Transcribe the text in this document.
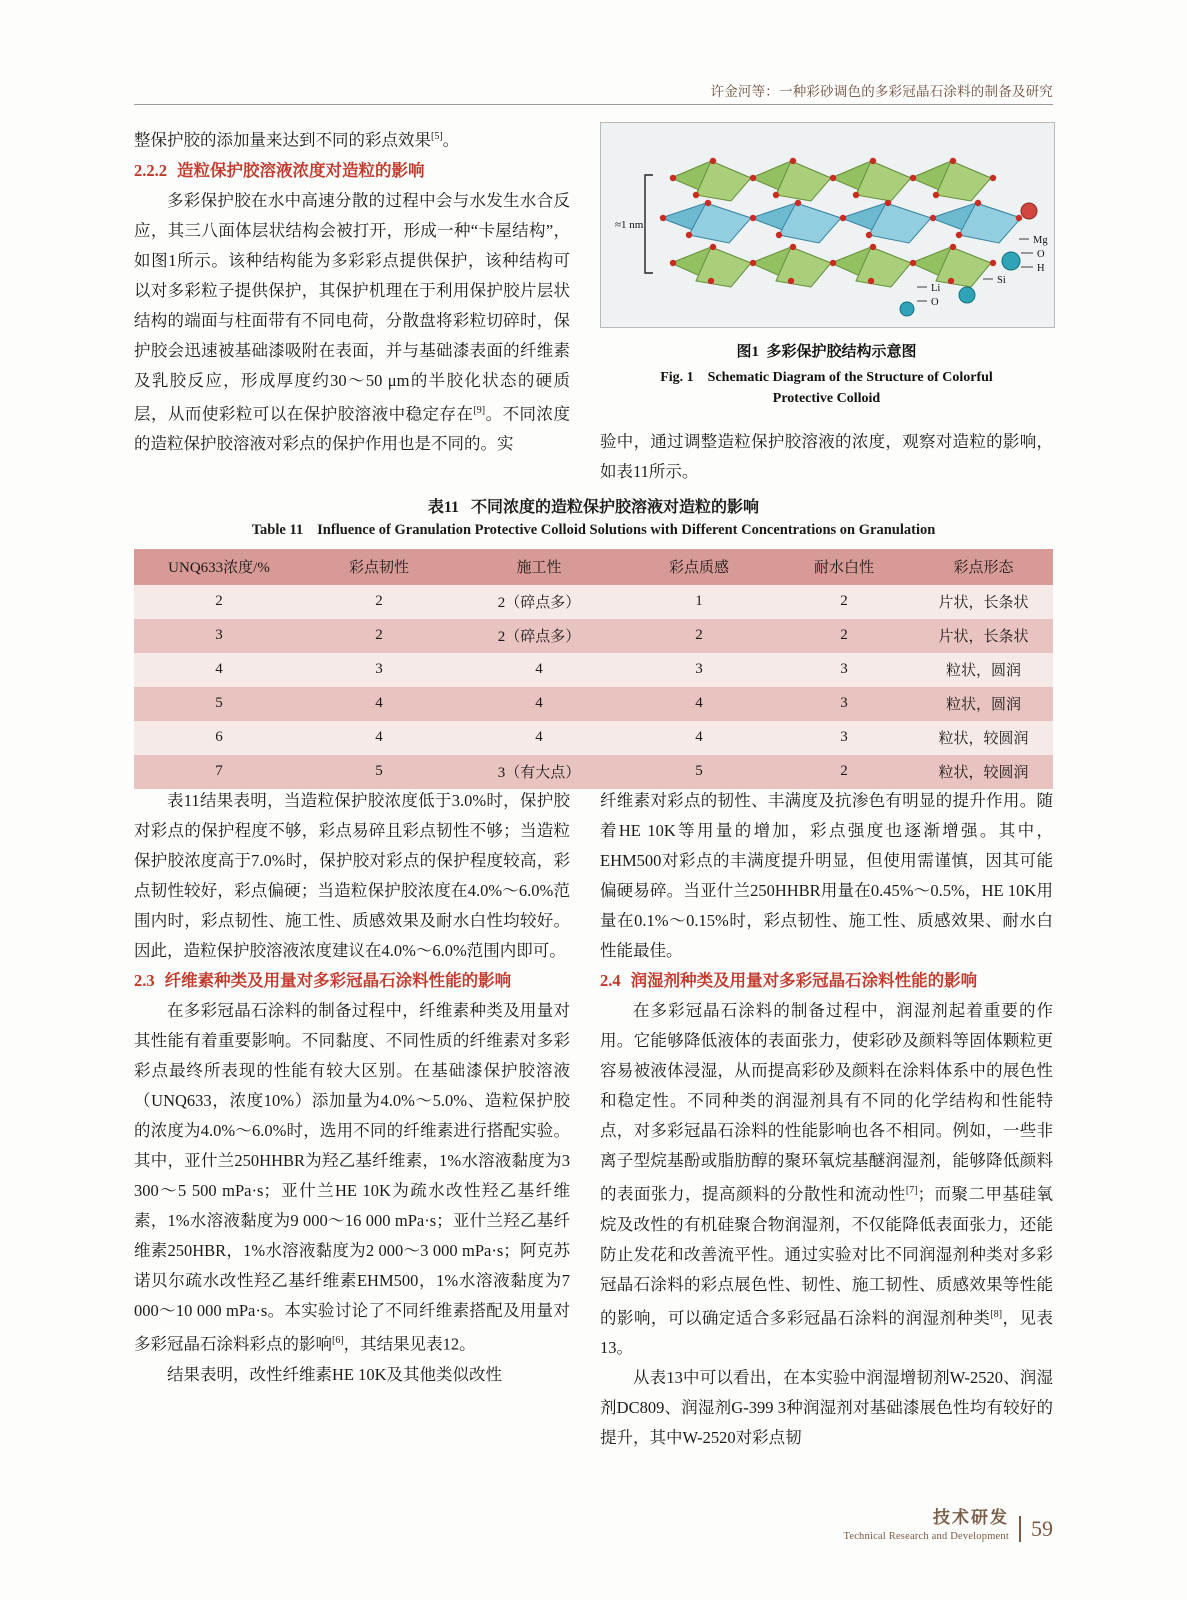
许金河等：一种彩砂调色的多彩冠晶石涂料的制备及研究

整保护胶的添加量来达到不同的彩点效果[5]。

2.2.2 造粒保护胶溶液浓度对造粒的影响

多彩保护胶在水中高速分散的过程中会与水发生水合反应，其三八面体层状结构会被打开，形成一种“卡屋结构”，如图1所示。该种结构能为多彩彩点提供保护，该种结构可以对多彩粒子提供保护，其保护机理在于利用保护胶片层状结构的端面与柱面带有不同电荷，分散盘将彩粒切碎时，保护胶会迅速被基础漆吸附在表面，并与基础漆表面的纤维素及乳胶反应，形成厚度约30～50 μm的半胶化状态的硬质层，从而使彩粒可以在保护胶溶液中稳定存在[9]。不同浓度的造粒保护胶溶液对彩点的保护作用也是不同的。实

≈1 nm
Mg
O
H
Si
Li
O
图1 多彩保护胶结构示意图
Fig. 1 Schematic Diagram of the Structure of Colorful
Protective Colloid

验中，通过调整造粒保护胶溶液的浓度，观察对造粒的影响，如表11所示。

表11 不同浓度的造粒保护胶溶液对造粒的影响
Table 11 Influence of Granulation Protective Colloid Solutions with Different Concentrations on Granulation
UNQ633浓度/%	彩点韧性	施工性	彩点质感	耐水白性	彩点形态
2	2	2（碎点多）	1	2	片状，长条状
3	2	2（碎点多）	2	2	片状，长条状
4	3	4	3	3	粒状，圆润
5	4	4	4	3	粒状，圆润
6	4	4	4	3	粒状，较圆润
7	5	3（有大点）	5	2	粒状，较圆润

表11结果表明，当造粒保护胶浓度低于3.0%时，保护胶对彩点的保护程度不够，彩点易碎且彩点韧性不够；当造粒保护胶浓度高于7.0%时，保护胶对彩点的保护程度较高，彩点韧性较好，彩点偏硬；当造粒保护胶浓度在4.0%～6.0%范围内时，彩点韧性、施工性、质感效果及耐水白性均较好。因此，造粒保护胶溶液浓度建议在4.0%～6.0%范围内即可。

2.3 纤维素种类及用量对多彩冠晶石涂料性能的影响

在多彩冠晶石涂料的制备过程中，纤维素种类及用量对其性能有着重要影响。不同黏度、不同性质的纤维素对多彩彩点最终所表现的性能有较大区别。在基础漆保护胶溶液（UNQ633，浓度10%）添加量为4.0%～5.0%、造粒保护胶的浓度为4.0%～6.0%时，选用不同的纤维素进行搭配实验。其中，亚什兰250HHBR为羟乙基纤维素，1%水溶液黏度为3 300～5 500 mPa·s；亚什兰HE 10K为疏水改性羟乙基纤维素，1%水溶液黏度为9 000～16 000 mPa·s；亚什兰羟乙基纤维素250HBR，1%水溶液黏度为2 000～3 000 mPa·s；阿克苏诺贝尔疏水改性羟乙基纤维素EHM500，1%水溶液黏度为7 000～10 000 mPa·s。本实验讨论了不同纤维素搭配及用量对多彩冠晶石涂料彩点的影响[6]，其结果见表12。

结果表明，改性纤维素HE 10K及其他类似改性

纤维素对彩点的韧性、丰满度及抗渗色有明显的提升作用。随着HE 10K等用量的增加，彩点强度也逐渐增强。其中，EHM500对彩点的丰满度提升明显，但使用需谨慎，因其可能偏硬易碎。当亚什兰250HHBR用量在0.45%～0.5%，HE 10K用量在0.1%～0.15%时，彩点韧性、施工性、质感效果、耐水白性能最佳。

2.4 润湿剂种类及用量对多彩冠晶石涂料性能的影响

在多彩冠晶石涂料的制备过程中，润湿剂起着重要的作用。它能够降低液体的表面张力，使彩砂及颜料等固体颗粒更容易被液体浸湿，从而提高彩砂及颜料在涂料体系中的展色性和稳定性。不同种类的润湿剂具有不同的化学结构和性能特点，对多彩冠晶石涂料的性能影响也各不相同。例如，一些非离子型烷基酚或脂肪醇的聚环氧烷基醚润湿剂，能够降低颜料的表面张力，提高颜料的分散性和流动性[7]；而聚二甲基硅氧烷及改性的有机硅聚合物润湿剂，不仅能降低表面张力，还能防止发花和改善流平性。通过实验对比不同润湿剂种类对多彩冠晶石涂料的彩点展色性、韧性、施工韧性、质感效果等性能的影响，可以确定适合多彩冠晶石涂料的润湿剂种类[8]，见表13。

从表13中可以看出，在本实验中润湿增韧剂W-2520、润湿剂DC809、润湿剂G-399 3种润湿剂对基础漆展色性均有较好的提升，其中W-2520对彩点韧

技术研发
Technical Research and Development	59
